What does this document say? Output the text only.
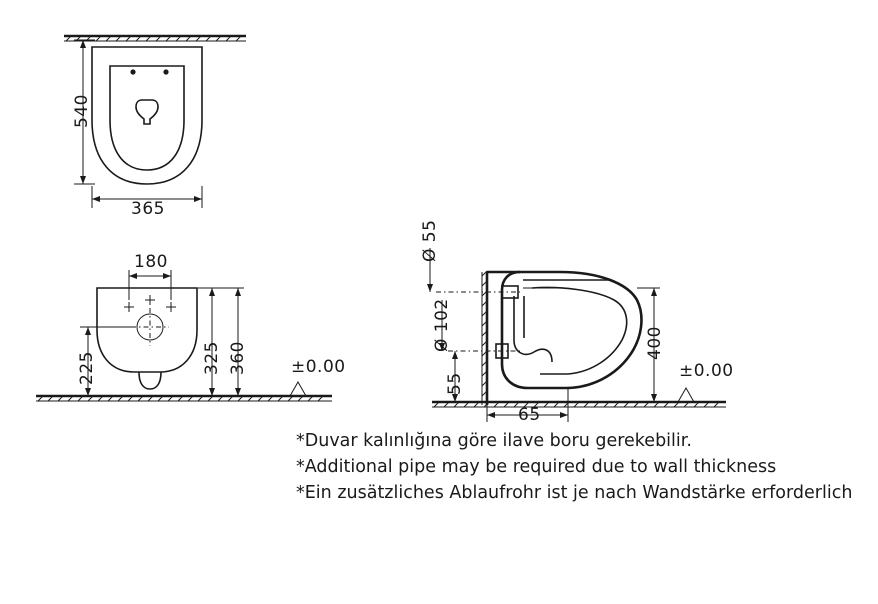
540
365
180
225	325 360	±0.00
Ø 55
Ø 102
55
65
400
±0.00
*Duvar kalınlığına göre ilave boru gerekebilir.
*Additional pipe may be required due to wall thickness
*Ein zusätzliches Ablaufrohr ist je nach Wandstärke erforderlich
